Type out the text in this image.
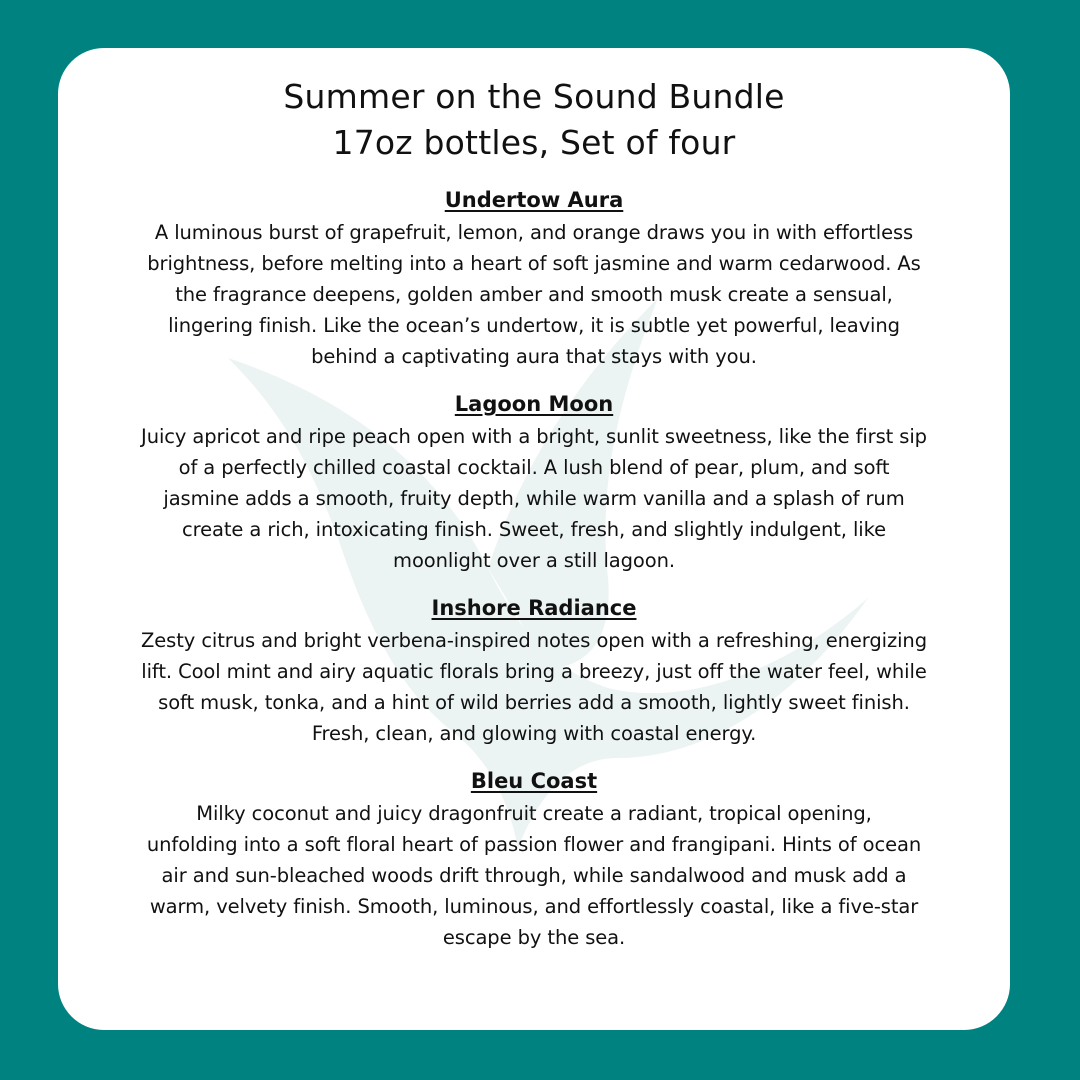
Summer on the Sound Bundle
17oz bottles, Set of four
Undertow Aura
A luminous burst of grapefruit, lemon, and orange draws you in with effortless
brightness, before melting into a heart of soft jasmine and warm cedarwood. As
the fragrance deepens, golden amber and smooth musk create a sensual,
lingering finish. Like the ocean’s undertow, it is subtle yet powerful, leaving
behind a captivating aura that stays with you.
Lagoon Moon
Juicy apricot and ripe peach open with a bright, sunlit sweetness, like the first sip
of a perfectly chilled coastal cocktail. A lush blend of pear, plum, and soft
jasmine adds a smooth, fruity depth, while warm vanilla and a splash of rum
create a rich, intoxicating finish. Sweet, fresh, and slightly indulgent, like
moonlight over a still lagoon.
Inshore Radiance
Zesty citrus and bright verbena-inspired notes open with a refreshing, energizing
lift. Cool mint and airy aquatic florals bring a breezy, just off the water feel, while
soft musk, tonka, and a hint of wild berries add a smooth, lightly sweet finish.
Fresh, clean, and glowing with coastal energy.
Bleu Coast
Milky coconut and juicy dragonfruit create a radiant, tropical opening,
unfolding into a soft floral heart of passion flower and frangipani. Hints of ocean
air and sun-bleached woods drift through, while sandalwood and musk add a
warm, velvety finish. Smooth, luminous, and effortlessly coastal, like a five-star
escape by the sea.
